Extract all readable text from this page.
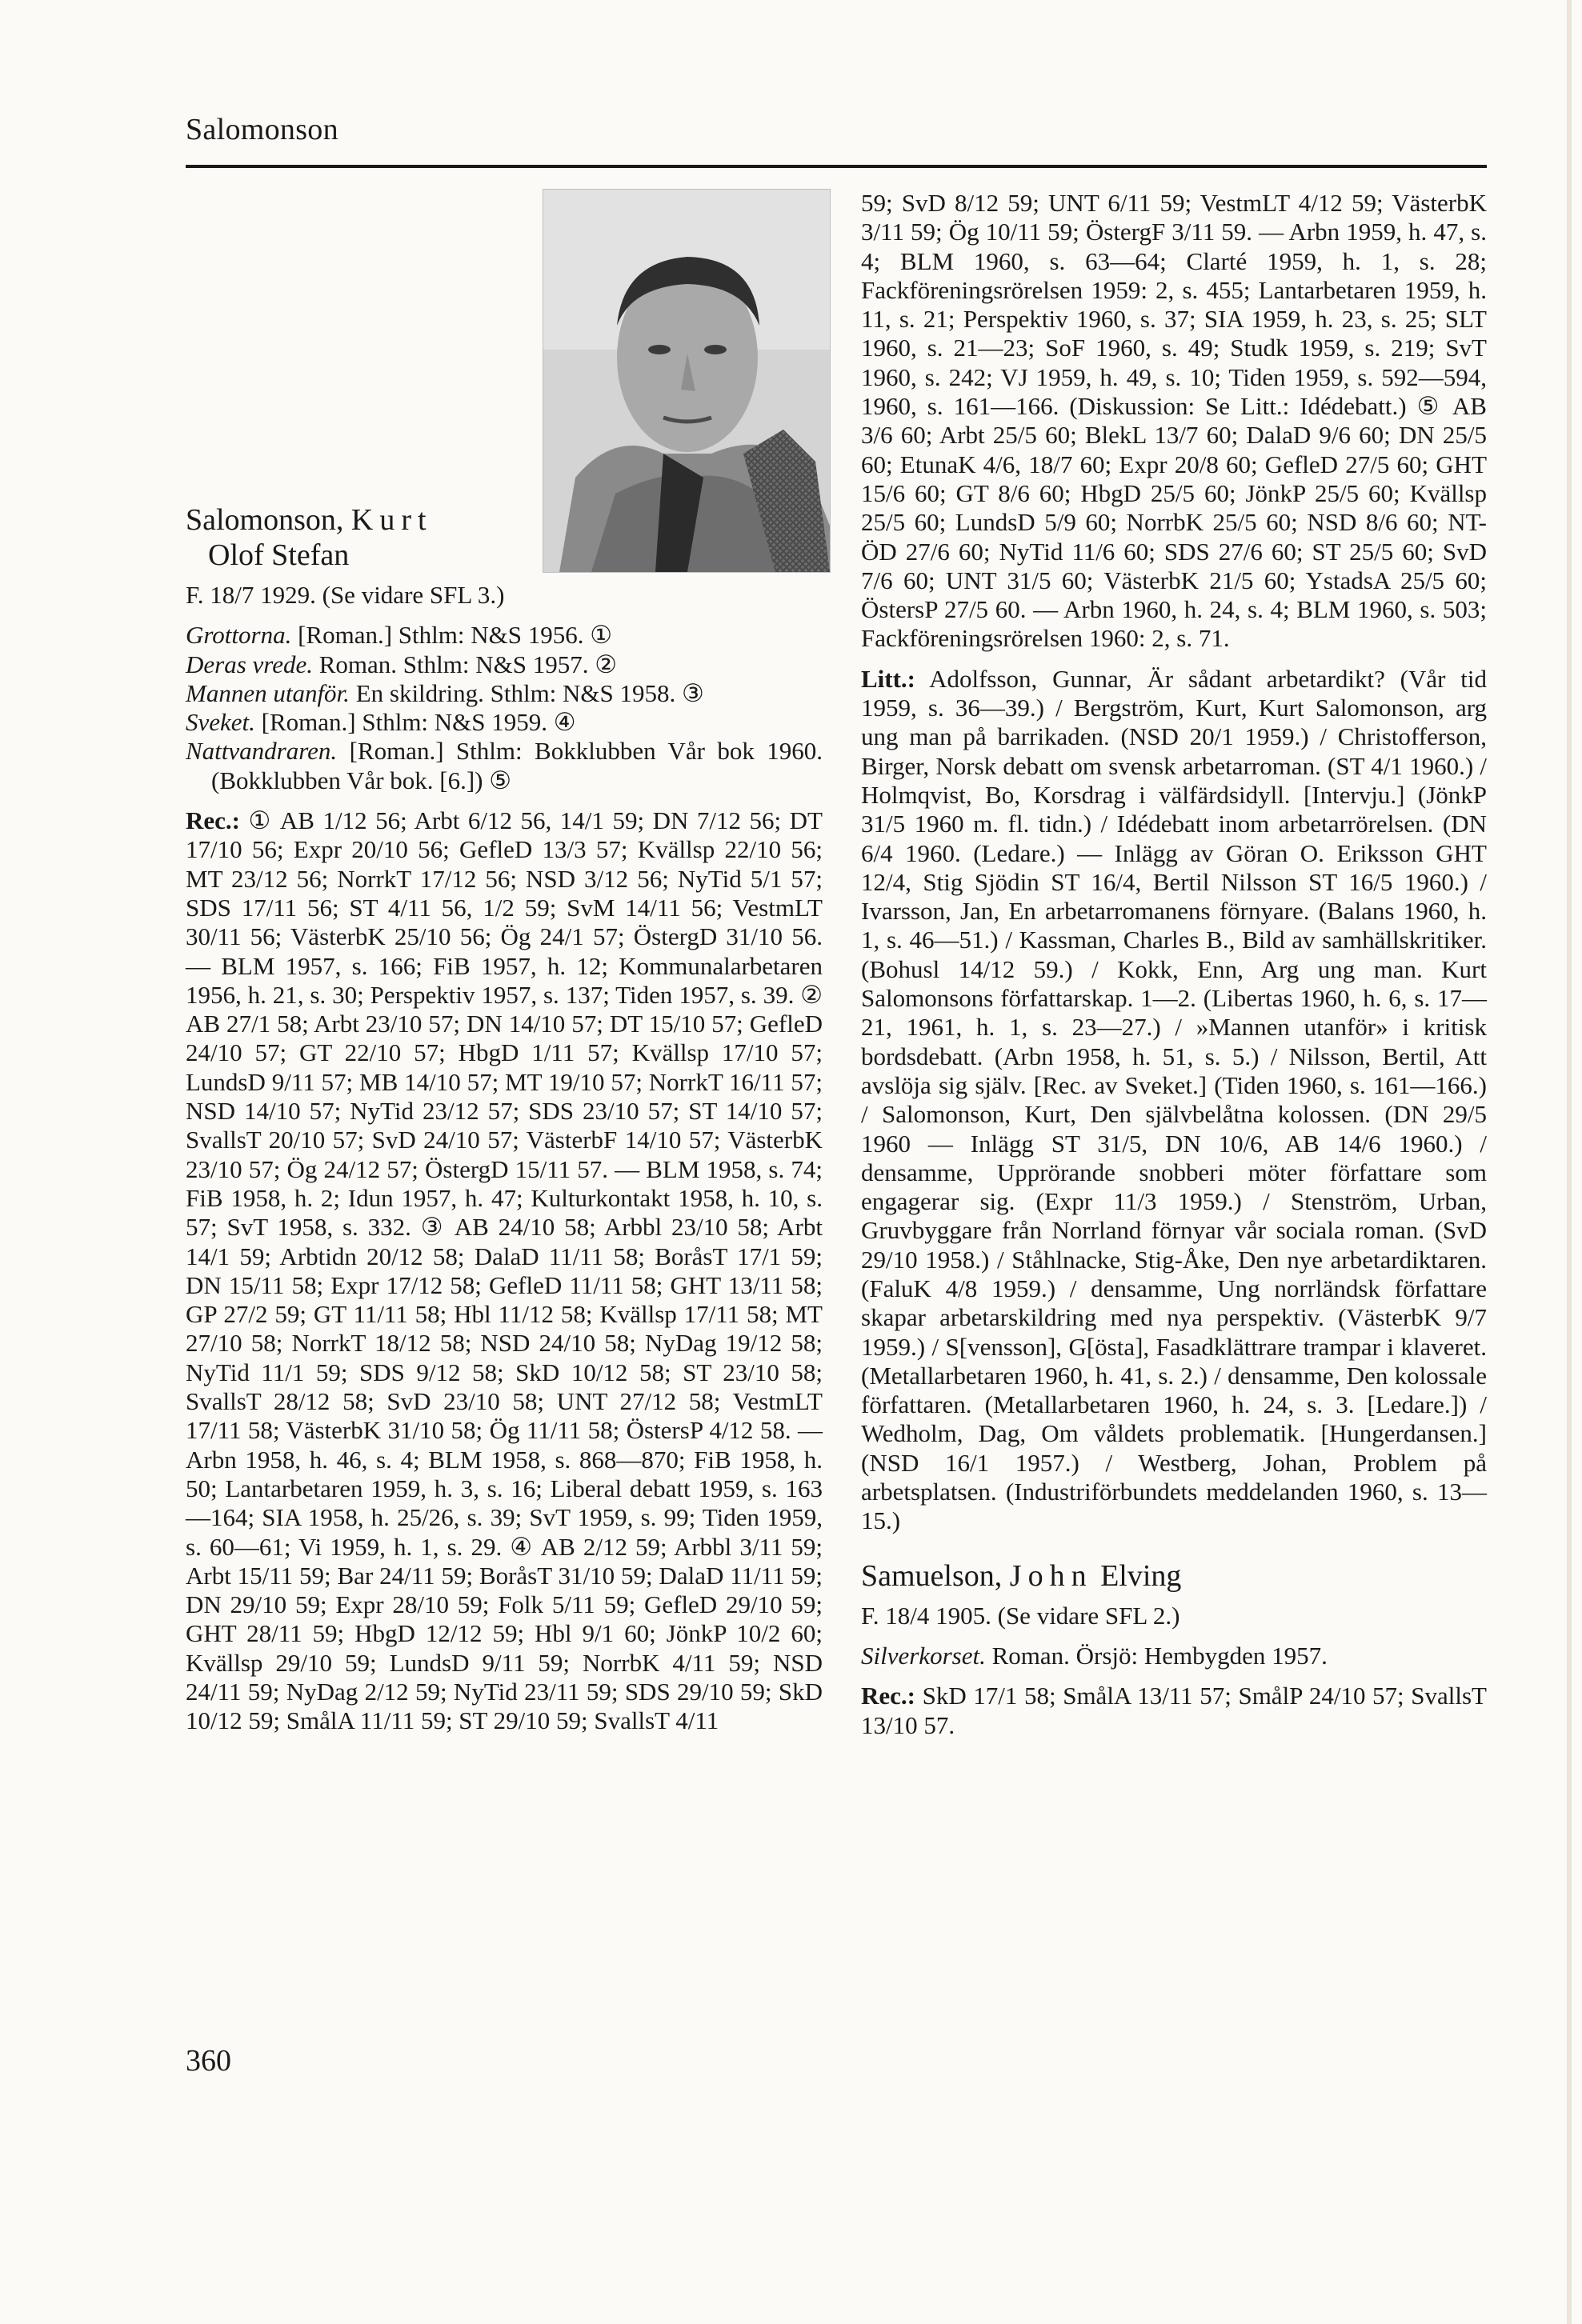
Salomonson
Salomonson, Kurt
Olof Stefan

F. 18/7 1929. (Se vidare SFL 3.)

Grottorna. [Roman.] Sthlm: N&S 1956. ①

Deras vrede. Roman. Sthlm: N&S 1957. ②

Mannen utanför. En skildring. Sthlm: N&S 1958. ③

Sveket. [Roman.] Sthlm: N&S 1959. ④

Nattvandraren. [Roman.] Sthlm: Bokklubben Vår bok 1960. (Bokklubben Vår bok. [6.]) ⑤

Rec.: ① AB 1/12 56; Arbt 6/12 56, 14/1 59; DN 7/12 56; DT 17/10 56; Expr 20/10 56; GefleD 13/3 57; Kvällsp 22/10 56; MT 23/12 56; NorrkT 17/12 56; NSD 3/12 56; NyTid 5/1 57; SDS 17/11 56; ST 4/11 56, 1/2 59; SvM 14/11 56; VestmLT 30/11 56; VästerbK 25/10 56; Ög 24/1 57; ÖstergD 31/10 56. — BLM 1957, s. 166; FiB 1957, h. 12; Kommunalarbetaren 1956, h. 21, s. 30; Perspektiv 1957, s. 137; Tiden 1957, s. 39. ② AB 27/1 58; Arbt 23/10 57; DN 14/10 57; DT 15/10 57; GefleD 24/10 57; GT 22/10 57; HbgD 1/11 57; Kvällsp 17/10 57; LundsD 9/11 57; MB 14/10 57; MT 19/10 57; NorrkT 16/11 57; NSD 14/10 57; NyTid 23/12 57; SDS 23/10 57; ST 14/10 57; SvallsT 20/10 57; SvD 24/10 57; VästerbF 14/10 57; VästerbK 23/10 57; Ög 24/12 57; ÖstergD 15/11 57. — BLM 1958, s. 74; FiB 1958, h. 2; Idun 1957, h. 47; Kulturkontakt 1958, h. 10, s. 57; SvT 1958, s. 332. ③ AB 24/10 58; Arbbl 23/10 58; Arbt 14/1 59; Arbtidn 20/12 58; DalaD 11/11 58; BoråsT 17/1 59; DN 15/11 58; Expr 17/12 58; GefleD 11/11 58; GHT 13/11 58; GP 27/2 59; GT 11/11 58; Hbl 11/12 58; Kvällsp 17/11 58; MT 27/10 58; NorrkT 18/12 58; NSD 24/10 58; NyDag 19/12 58; NyTid 11/1 59; SDS 9/12 58; SkD 10/12 58; ST 23/10 58; SvallsT 28/12 58; SvD 23/10 58; UNT 27/12 58; VestmLT 17/11 58; VästerbK 31/10 58; Ög 11/11 58; ÖstersP 4/12 58. — Arbn 1958, h. 46, s. 4; BLM 1958, s. 868—870; FiB 1958, h. 50; Lantarbetaren 1959, h. 3, s. 16; Liberal debatt 1959, s. 163—164; SIA 1958, h. 25/26, s. 39; SvT 1959, s. 99; Tiden 1959, s. 60—61; Vi 1959, h. 1, s. 29. ④ AB 2/12 59; Arbbl 3/11 59; Arbt 15/11 59; Bar 24/11 59; BoråsT 31/10 59; DalaD 11/11 59; DN 29/10 59; Expr 28/10 59; Folk 5/11 59; GefleD 29/10 59; GHT 28/11 59; HbgD 12/12 59; Hbl 9/1 60; JönkP 10/2 60; Kvällsp 29/10 59; LundsD 9/11 59; NorrbK 4/11 59; NSD 24/11 59; NyDag 2/12 59; NyTid 23/11 59; SDS 29/10 59; SkD 10/12 59; SmålA 11/11 59; ST 29/10 59; SvallsT 4/11

59; SvD 8/12 59; UNT 6/11 59; VestmLT 4/12 59; VästerbK 3/11 59; Ög 10/11 59; ÖstergF 3/11 59. — Arbn 1959, h. 47, s. 4; BLM 1960, s. 63—64; Clarté 1959, h. 1, s. 28; Fackföreningsrörelsen 1959: 2, s. 455; Lantarbetaren 1959, h. 11, s. 21; Perspektiv 1960, s. 37; SIA 1959, h. 23, s. 25; SLT 1960, s. 21—23; SoF 1960, s. 49; Studk 1959, s. 219; SvT 1960, s. 242; VJ 1959, h. 49, s. 10; Tiden 1959, s. 592—594, 1960, s. 161—166. (Diskussion: Se Litt.: Idédebatt.) ⑤ AB 3/6 60; Arbt 25/5 60; BlekL 13/7 60; DalaD 9/6 60; DN 25/5 60; EtunaK 4/6, 18/7 60; Expr 20/8 60; GefleD 27/5 60; GHT 15/6 60; GT 8/6 60; HbgD 25/5 60; JönkP 25/5 60; Kvällsp 25/5 60; LundsD 5/9 60; NorrbK 25/5 60; NSD 8/6 60; NT-ÖD 27/6 60; NyTid 11/6 60; SDS 27/6 60; ST 25/5 60; SvD 7/6 60; UNT 31/5 60; VästerbK 21/5 60; YstadsA 25/5 60; ÖstersP 27/5 60. — Arbn 1960, h. 24, s. 4; BLM 1960, s. 503; Fackföreningsrörelsen 1960: 2, s. 71.

Litt.: Adolfsson, Gunnar, Är sådant arbetardikt? (Vår tid 1959, s. 36—39.) / Bergström, Kurt, Kurt Salomonson, arg ung man på barrikaden. (NSD 20/1 1959.) / Christofferson, Birger, Norsk debatt om svensk arbetarroman. (ST 4/1 1960.) / Holmqvist, Bo, Korsdrag i välfärdsidyll. [Intervju.] (JönkP 31/5 1960 m. fl. tidn.) / Idédebatt inom arbetarrörelsen. (DN 6/4 1960. (Ledare.) — Inlägg av Göran O. Eriksson GHT 12/4, Stig Sjödin ST 16/4, Bertil Nilsson ST 16/5 1960.) / Ivarsson, Jan, En arbetarromanens förnyare. (Balans 1960, h. 1, s. 46—51.) / Kassman, Charles B., Bild av samhällskritiker. (Bohusl 14/12 59.) / Kokk, Enn, Arg ung man. Kurt Salomonsons författarskap. 1—2. (Libertas 1960, h. 6, s. 17—21, 1961, h. 1, s. 23—27.) / »Mannen utanför» i kritisk bordsdebatt. (Arbn 1958, h. 51, s. 5.) / Nilsson, Bertil, Att avslöja sig själv. [Rec. av Sveket.] (Tiden 1960, s. 161—166.) / Salomonson, Kurt, Den självbelåtna kolossen. (DN 29/5 1960 — Inlägg ST 31/5, DN 10/6, AB 14/6 1960.) / densamme, Upprörande snobberi möter författare som engagerar sig. (Expr 11/3 1959.) / Stenström, Urban, Gruvbyggare från Norrland förnyar vår sociala roman. (SvD 29/10 1958.) / Ståhlnacke, Stig-Åke, Den nye arbetardiktaren. (FaluK 4/8 1959.) / densamme, Ung norrländsk författare skapar arbetarskildring med nya perspektiv. (VästerbK 9/7 1959.) / S[vensson], G[östa], Fasadklättrare trampar i klaveret. (Metallarbetaren 1960, h. 41, s. 2.) / densamme, Den kolossale författaren. (Metallarbetaren 1960, h. 24, s. 3. [Ledare.]) / Wedholm, Dag, Om våldets problematik. [Hungerdansen.] (NSD 16/1 1957.) / Westberg, Johan, Problem på arbetsplatsen. (Industriförbundets meddelanden 1960, s. 13—15.)

Samuelson, John Elving

F. 18/4 1905. (Se vidare SFL 2.)

Silverkorset. Roman. Örsjö: Hembygden 1957.

Rec.: SkD 17/1 58; SmålA 13/11 57; SmålP 24/10 57; SvallsT 13/10 57.

360
